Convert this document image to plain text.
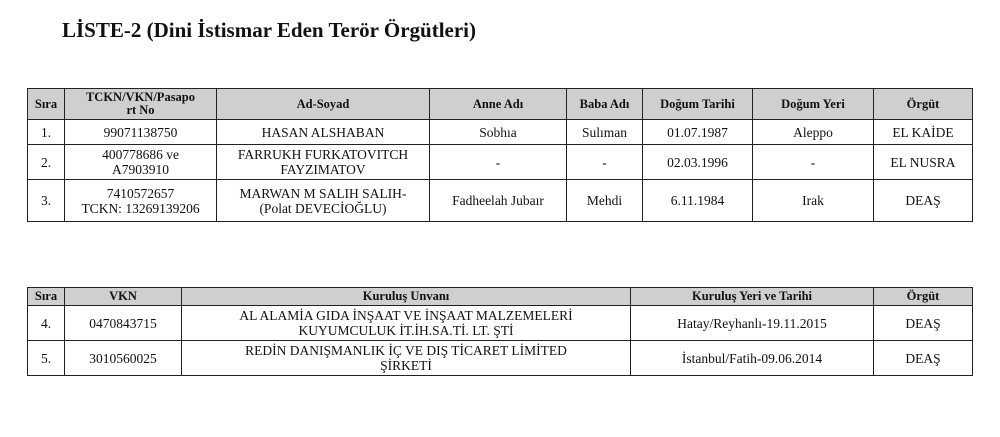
LİSTE-2 (Dini İstismar Eden Terör Örgütleri)
Sıra	TCKN/VKN/Pasapo
rt No	Ad-Soyad	Anne Adı	Baba Adı	Doğum Tarihi	Doğum Yeri	Örgüt
1.	99071138750	HASAN ALSHABAN	Sobhıa	Sulıman	01.07.1987	Aleppo	EL KAİDE
2.	400778686 ve
A7903910	FARRUKH FURKATOVITCH
FAYZIMATOV	-	-	02.03.1996	-	EL NUSRA
3.	7410572657
TCKN: 13269139206	MARWAN M SALIH SALIH-
(Polat DEVECİOĞLU)	Fadheelah Jubaır	Mehdi	6.11.1984	Irak	DEAŞ
Sıra	VKN	Kuruluş Unvanı	Kuruluş Yeri ve Tarihi	Örgüt
4.	0470843715	AL ALAMİA GIDA İNŞAAT VE İNŞAAT MALZEMELERİ
KUYUMCULUK İT.İH.SA.Tİ. LT. ŞTİ	Hatay/Reyhanlı-19.11.2015	DEAŞ
5.	3010560025	REDİN DANIŞMANLIK İÇ VE DIŞ TİCARET LİMİTED
ŞİRKETİ	İstanbul/Fatih-09.06.2014	DEAŞ
